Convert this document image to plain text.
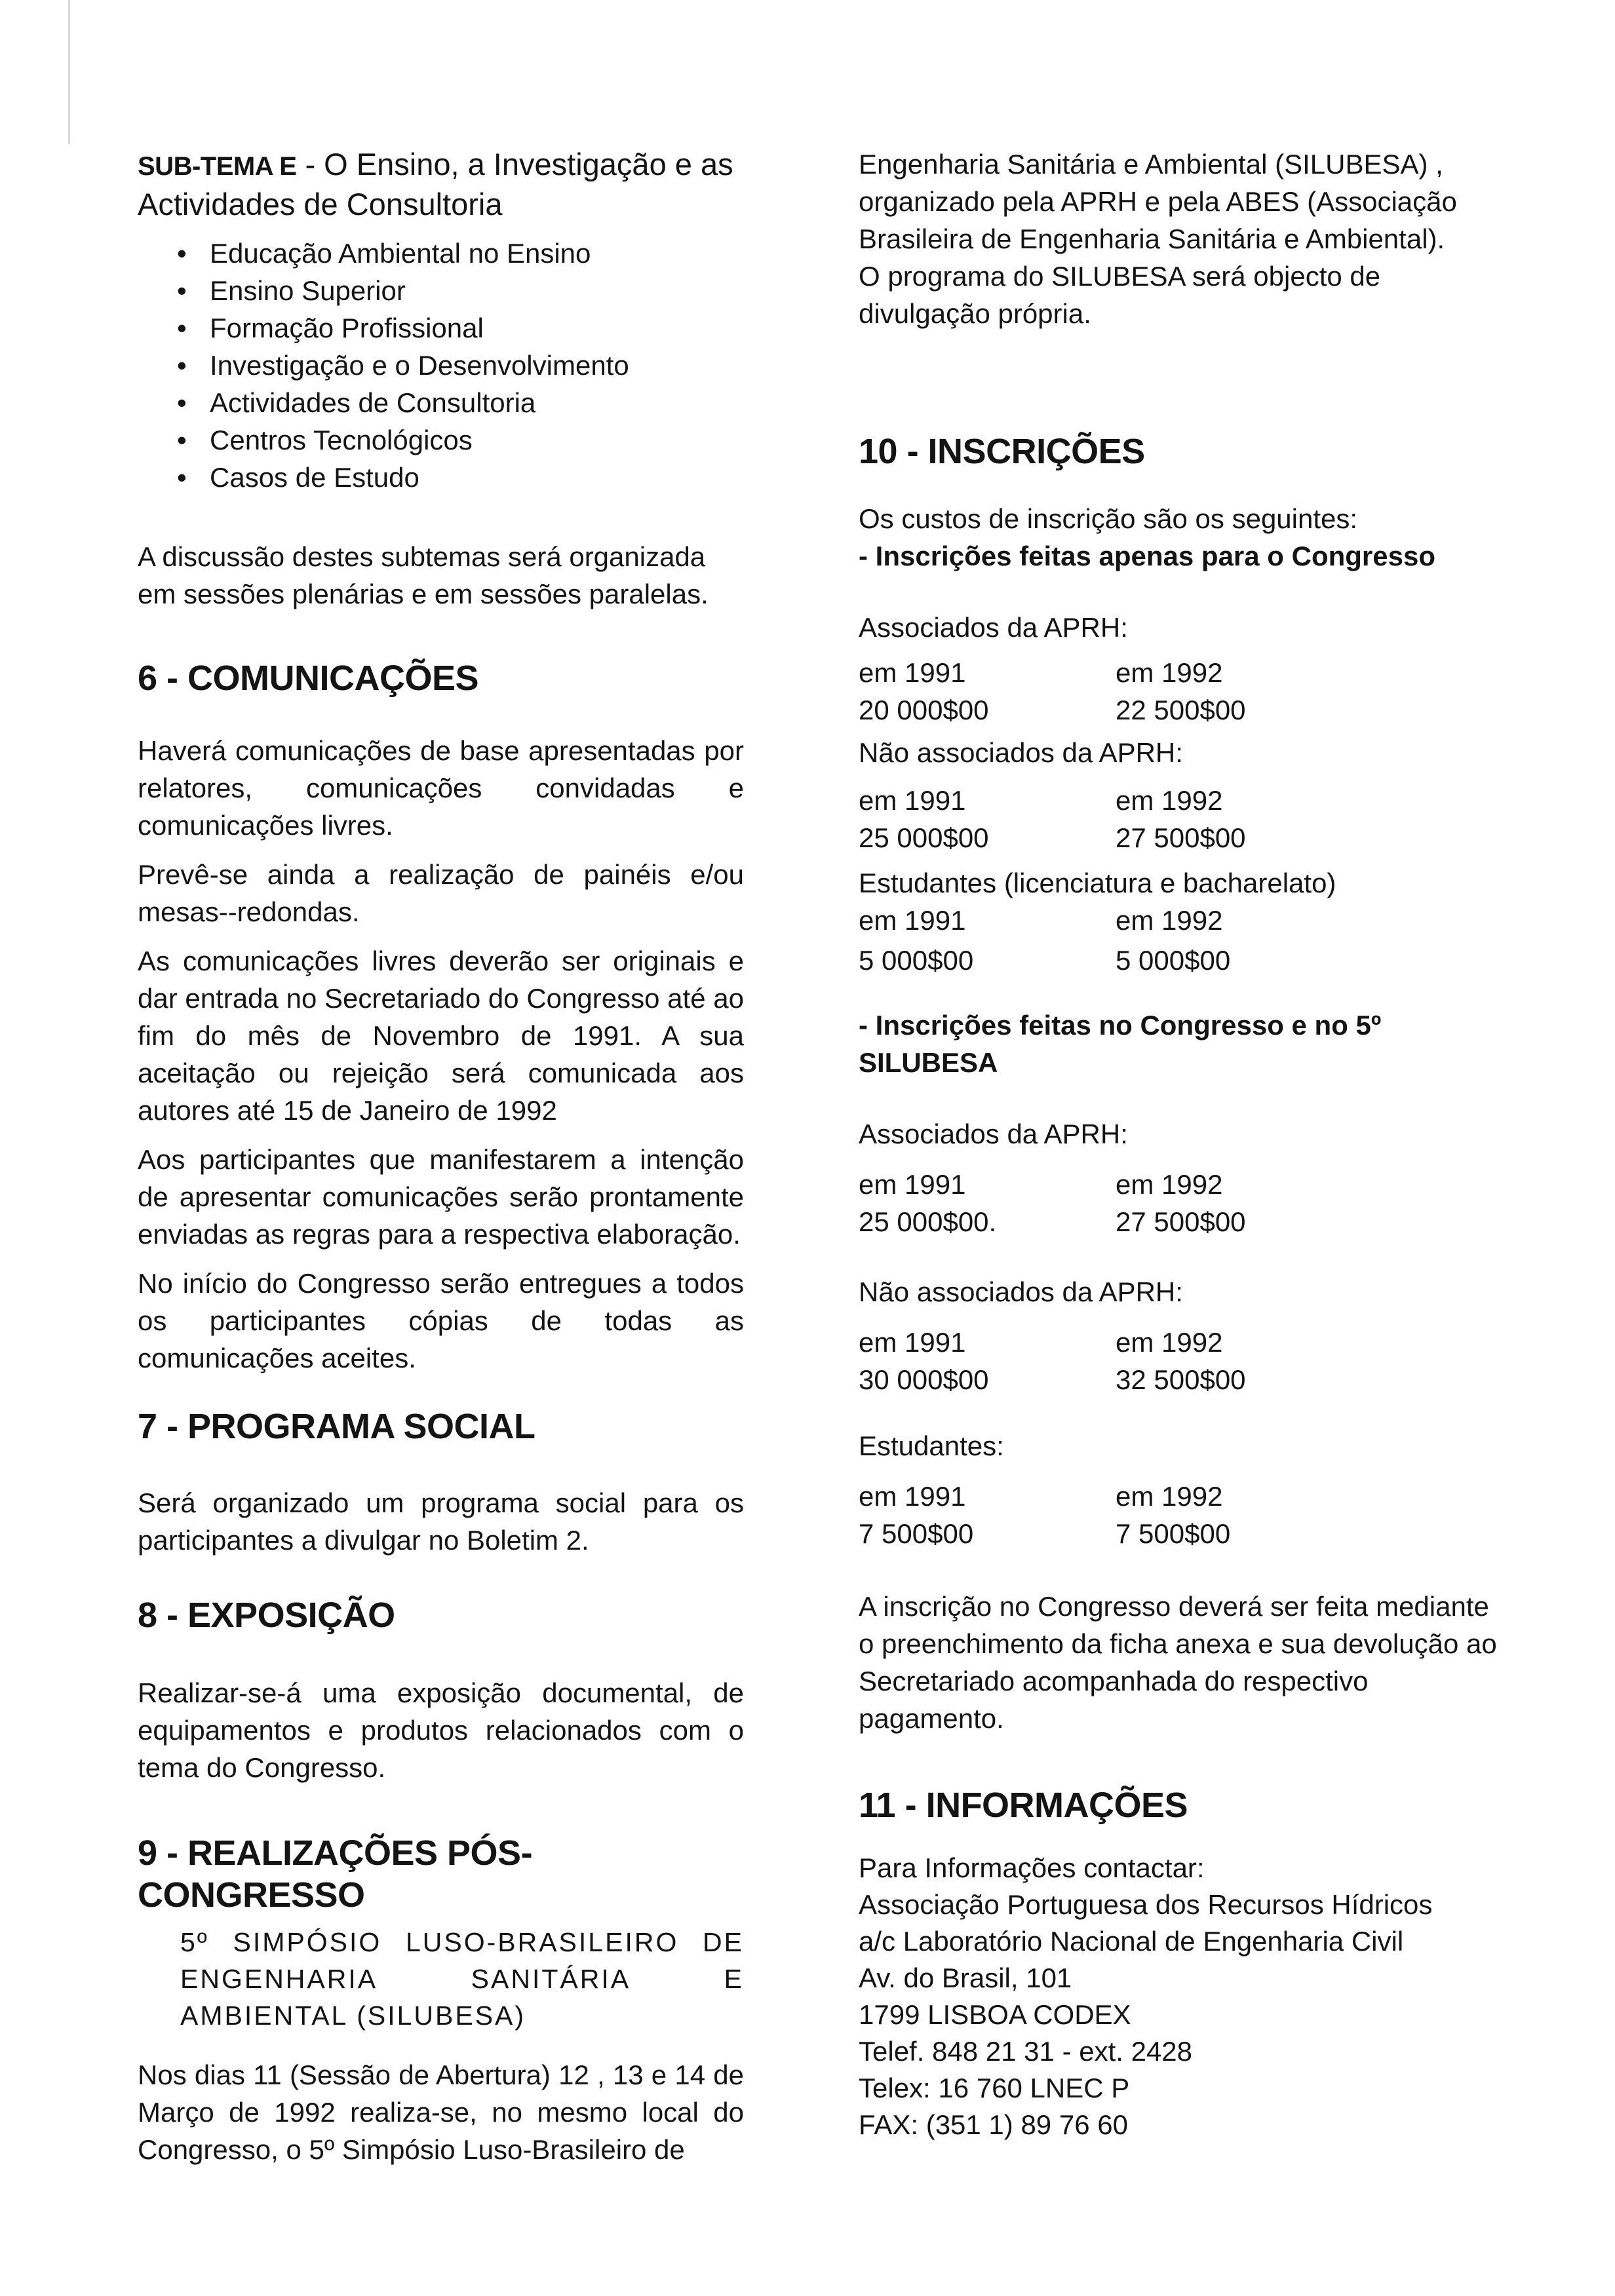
SUB-TEMA E - O Ensino, a Investigação e as
Actividades de Consultoria
• Educação Ambiental no Ensino
• Ensino Superior
• Formação Profissional
• Investigação e o Desenvolvimento
• Actividades de Consultoria
• Centros Tecnológicos
• Casos de Estudo

A discussão destes subtemas será organizada em sessões plenárias e em sessões paralelas.

6 - COMUNICAÇÕES

Haverá comunicações de base apresentadas por relatores, comunicações convidadas e comunicações livres.

Prevê-se ainda a realização de painéis e/ou mesas--redondas.

As comunicações livres deverão ser originais e dar entrada no Secretariado do Congresso até ao fim do mês de Novembro de 1991. A sua aceitação ou rejeição será comunicada aos autores até 15 de Janeiro de 1992

Aos participantes que manifestarem a intenção de apresentar comunicações serão prontamente enviadas as regras para a respectiva elaboração.

No início do Congresso serão entregues a todos os participantes cópias de todas as comunicações aceites.

7 - PROGRAMA SOCIAL

Será organizado um programa social para os participantes a divulgar no Boletim 2.

8 - EXPOSIÇÃO

Realizar-se-á uma exposição documental, de equipamentos e produtos relacionados com o tema do Congresso.

9 - REALIZAÇÕES PÓS-CONGRESSO

5º SIMPÓSIO LUSO-BRASILEIRO DE ENGENHARIA SANITÁRIA E AMBIENTAL (SILUBESA)

Nos dias 11 (Sessão de Abertura) 12 , 13 e 14 de Março de 1992 realiza-se, no mesmo local do Congresso, o 5º Simpósio Luso-Brasileiro de

Engenharia Sanitária e Ambiental (SILUBESA) , organizado pela APRH e pela ABES (Associação Brasileira de Engenharia Sanitária e Ambiental).

O programa do SILUBESA será objecto de divulgação própria.

10 - INSCRIÇÕES

Os custos de inscrição são os seguintes:

- Inscrições feitas apenas para o Congresso

Associados da APRH:

em 1991	em 1992
20 000$00	22 500$00

Não associados da APRH:

em 1991	em 1992
25 000$00	27 500$00

Estudantes (licenciatura e bacharelato)

em 1991	em 1992
5 000$00	5 000$00

- Inscrições feitas no Congresso e no 5º SILUBESA

Associados da APRH:

em 1991	em 1992
25 000$00.	27 500$00

Não associados da APRH:

em 1991	em 1992
30 000$00	32 500$00

Estudantes:

em 1991	em 1992
7 500$00	7 500$00

A inscrição no Congresso deverá ser feita mediante o preenchimento da ficha anexa e sua devolução ao Secretariado acompanhada do respectivo pagamento.

11 - INFORMAÇÕES

Para Informações contactar:

Associação Portuguesa dos Recursos Hídricos

a/c Laboratório Nacional de Engenharia Civil

Av. do Brasil, 101

1799 LISBOA CODEX

Telef. 848 21 31 - ext. 2428

Telex: 16 760 LNEC P

FAX: (351 1) 89 76 60
